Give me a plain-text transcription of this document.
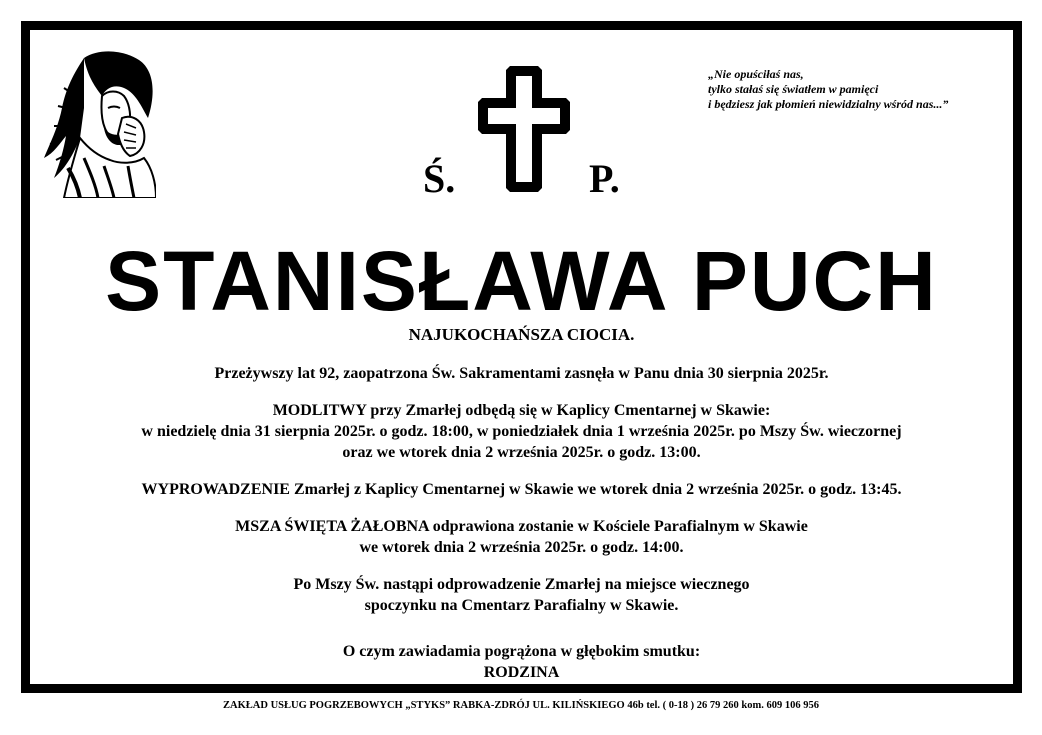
Ś.	P.
„Nie opuściłaś nas,
tylko stałaś się światłem w pamięci
i będziesz jak płomień niewidzialny wśród nas...”
STANISŁAWA PUCH
NAJUKOCHAŃSZA CIOCIA.
Przeżywszy lat 92, zaopatrzona Św. Sakramentami zasnęła w Panu dnia 30 sierpnia 2025r.
MODLITWY przy Zmarłej odbędą się w Kaplicy Cmentarnej w Skawie:
w niedzielę dnia 31 sierpnia 2025r. o godz. 18:00, w poniedziałek dnia 1 września 2025r. po Mszy Św. wieczornej
oraz we wtorek dnia 2 września 2025r. o godz. 13:00.
WYPROWADZENIE Zmarłej z Kaplicy Cmentarnej w Skawie we wtorek dnia 2 września 2025r. o godz. 13:45.
MSZA ŚWIĘTA ŻAŁOBNA odprawiona zostanie w Kościele Parafialnym w Skawie
we wtorek dnia 2 września 2025r. o godz. 14:00.
Po Mszy Św. nastąpi odprowadzenie Zmarłej na miejsce wiecznego
spoczynku na Cmentarz Parafialny w Skawie.
O czym zawiadamia pogrążona w głębokim smutku:
RODZINA
ZAKŁAD USŁUG POGRZEBOWYCH „STYKS” RABKA-ZDRÓJ UL. KILIŃSKIEGO 46b tel. ( 0-18 ) 26 79 260 kom. 609 106 956
